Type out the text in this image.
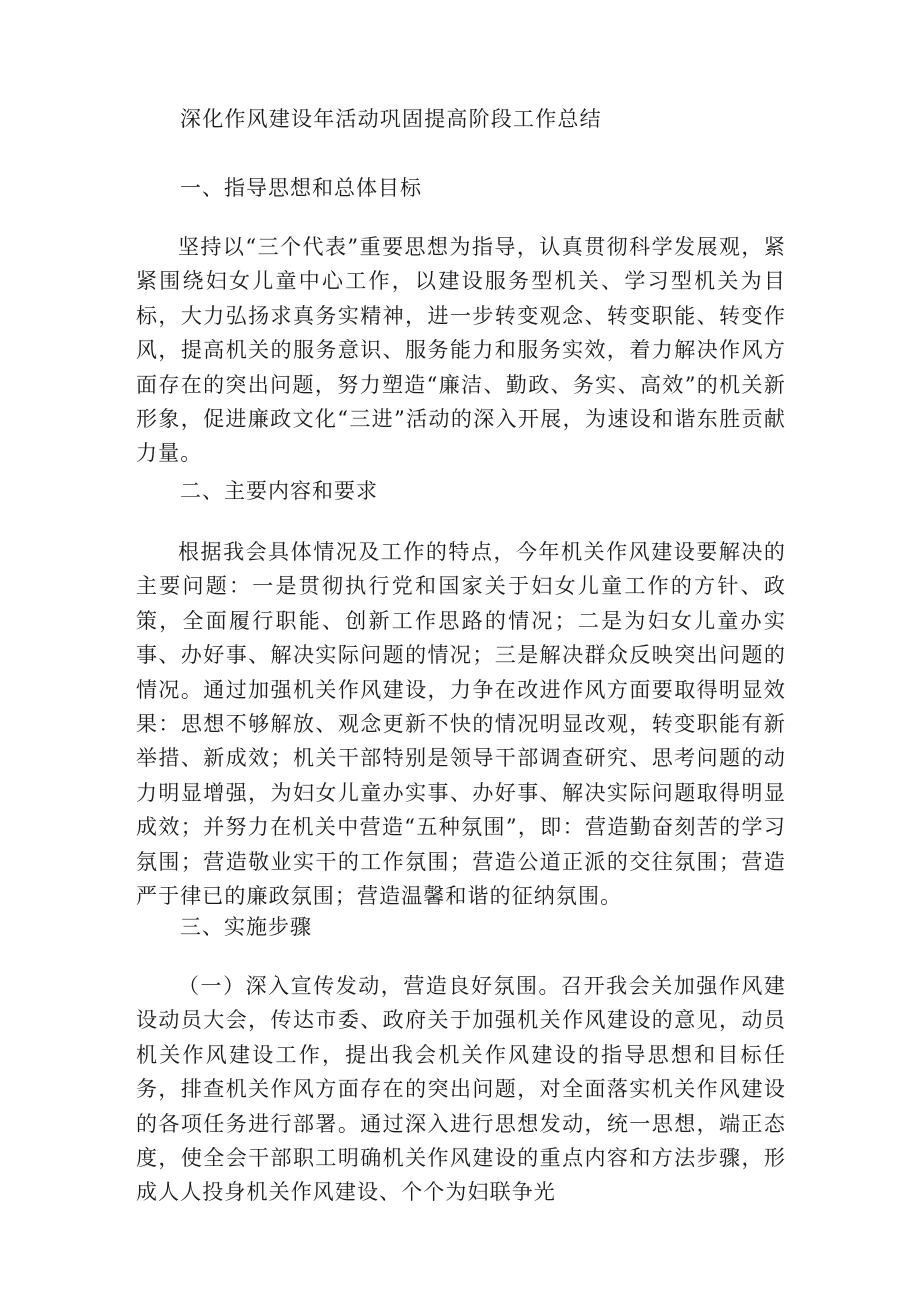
深化作风建设年活动巩固提高阶段工作总结
一、指导思想和总体目标

坚持以“三个代表”重要思想为指导，认真贯彻科学发展观，紧紧围绕妇女儿童中心工作，以建设服务型机关、学习型机关为目标，大力弘扬求真务实精神，进一步转变观念、转变职能、转变作风，提高机关的服务意识、服务能力和服务实效，着力解决作风方面存在的突出问题，努力塑造“廉洁、勤政、务实、高效”的机关新形象，促进廉政文化“三进”活动的深入开展，为速设和谐东胜贡献力量。

二、主要内容和要求

根据我会具体情况及工作的特点，今年机关作风建设要解决的主要问题：一是贯彻执行党和国家关于妇女儿童工作的方针、政策，全面履行职能、创新工作思路的情况；二是为妇女儿童办实事、办好事、解决实际问题的情况；三是解决群众反映突出问题的情况。通过加强机关作风建设，力争在改进作风方面要取得明显效果：思想不够解放、观念更新不快的情况明显改观，转变职能有新举措、新成效；机关干部特别是领导干部调查研究、思考问题的动力明显增强，为妇女儿童办实事、办好事、解决实际问题取得明显成效；并努力在机关中营造“五种氛围”，即：营造勤奋刻苦的学习氛围；营造敬业实干的工作氛围；营造公道正派的交往氛围；营造严于律已的廉政氛围；营造温馨和谐的征纳氛围。

三、实施步骤

（一）深入宣传发动，营造良好氛围。召开我会关加强作风建设动员大会，传达市委、政府关于加强机关作风建设的意见，动员机关作风建设工作，提出我会机关作风建设的指导思想和目标任务，排查机关作风方面存在的突出问题，对全面落实机关作风建设的各项任务进行部署。通过深入进行思想发动，统一思想，端正态度，使全会干部职工明确机关作风建设的重点内容和方法步骤，形成人人投身机关作风建设、个个为妇联争光
